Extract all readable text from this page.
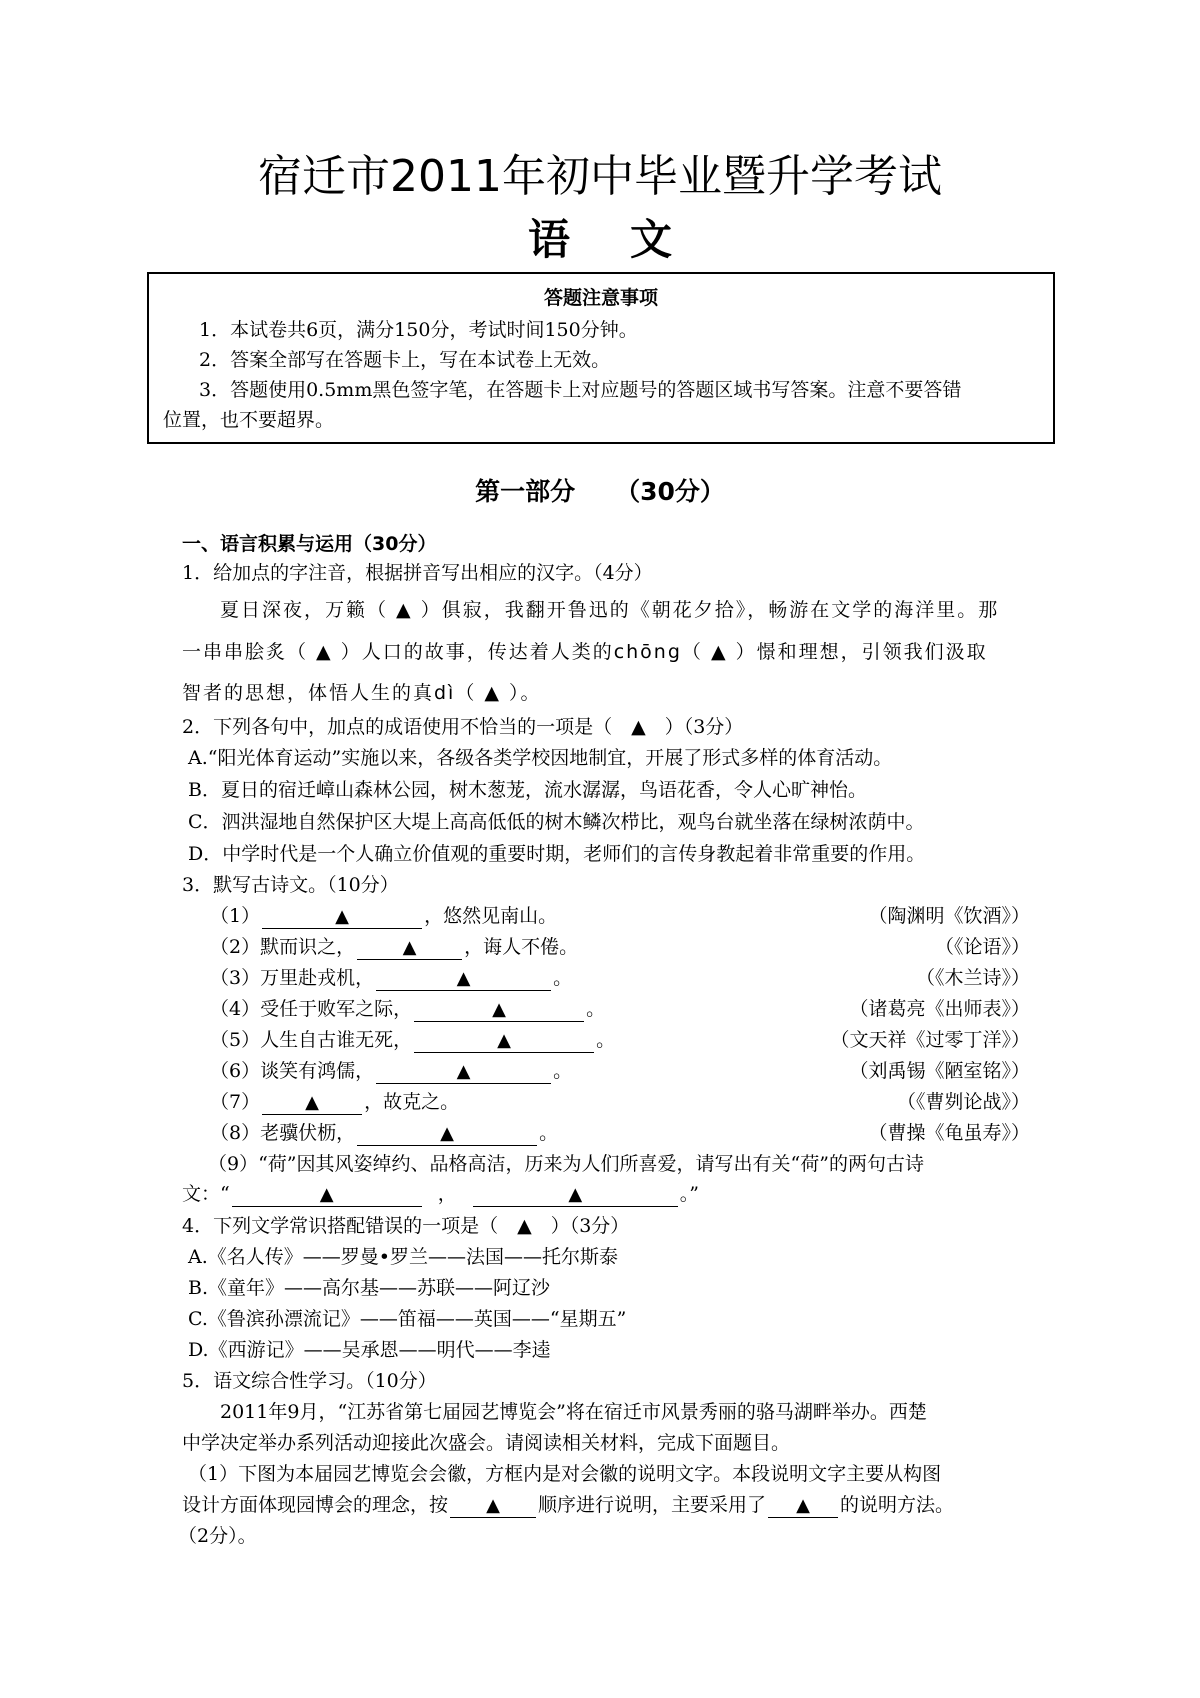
宿迁市2011年初中毕业暨升学考试
语文
答题注意事项
1．本试卷共6页，满分150分，考试时间150分钟。
2．答案全部写在答题卡上，写在本试卷上无效。
3．答题使用0.5mm黑色签字笔，在答题卡上对应题号的答题区域书写答案。注意不要答错
位置，也不要超界。
第一部分 （30分）
一、语言积累与运用（30分）
1．给加点的字注音，根据拼音写出相应的汉字。（4分）
夏日深夜，万籁（ ▲ ）俱寂，我翻开鲁迅的《朝花夕拾》，畅游在文学的海洋里。那
一串串脍炙（ ▲ ）人口的故事，传达着人类的chōng（ ▲ ）憬和理想，引领我们汲取
智者的思想，体悟人生的真dì（ ▲ ）。
2．下列各句中，加点的成语使用不恰当的一项是（　▲　）（3分）
A.“阳光体育运动”实施以来，各级各类学校因地制宜，开展了形式多样的体育活动。
B．夏日的宿迁嶂山森林公园，树木葱茏，流水潺潺，鸟语花香，令人心旷神怡。
C．泗洪湿地自然保护区大堤上高高低低的树木鳞次栉比，观鸟台就坐落在绿树浓荫中。
D．中学时代是一个人确立价值观的重要时期，老师们的言传身教起着非常重要的作用。
3．默写古诗文。（10分）
（1）	▲	，悠然见南山。	（陶渊明《饮酒》）
（2）默而识之，	▲	，诲人不倦。	（《论语》）
（3）万里赴戎机，	▲	。	（《木兰诗》）
（4）受任于败军之际，	▲	。	（诸葛亮《出师表》）
（5）人生自古谁无死，	▲	。	（文天祥《过零丁洋》）
（6）谈笑有鸿儒，	▲	。	（刘禹锡《陋室铭》）
（7）	▲ ，故克之。	（《曹刿论战》）
（8）老骥伏枥，	▲	。	（曹操《龟虽寿》）
（9）“荷”因其风姿绰约、品格高洁，历来为人们所喜爱，请写出有关“荷”的两句古诗
文：“	▲	，	▲	。”
4．下列文学常识搭配错误的一项是（　▲　）（3分）
A.《名人传》——罗曼•罗兰——法国——托尔斯泰
B.《童年》——高尔基——苏联——阿辽沙
C.《鲁滨孙漂流记》——笛福——英国——“星期五”
D.《西游记》——吴承恩——明代——李逵
5．语文综合性学习。（10分）
2011年9月，“江苏省第七届园艺博览会”将在宿迁市风景秀丽的骆马湖畔举办。西楚
中学决定举办系列活动迎接此次盛会。请阅读相关材料，完成下面题目。
（1）下图为本届园艺博览会会徽，方框内是对会徽的说明文字。本段说明文字主要从构图
设计方面体现园博会的理念，按 ▲ 顺序进行说明，主要采用了 ▲ 的说明方法。
（2分）。
